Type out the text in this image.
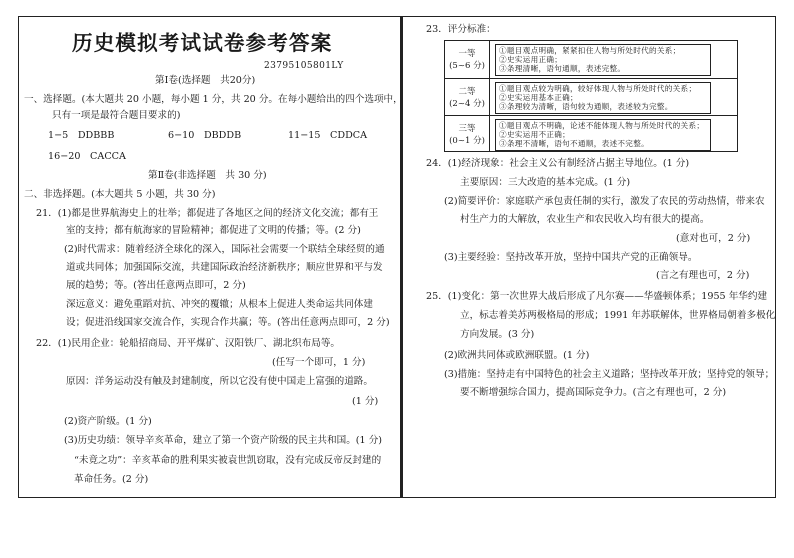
历史模拟考试试卷参考答案
23795105801LY
第Ⅰ卷(选择题　共20分)
一、选择题。(本大题共 20 小题，每小题 1 分，共 20 分。在每小题给出的四个选项中，
只有一项是最符合题目要求的)
1−5　DDBBB	6−10　DBDDB	11−15　CDDCA
16−20　CACCA
第Ⅱ卷(非选择题　共 30 分)
二、非选择题。(本大题共 5 小题，共 30 分)
21．(1)都是世界航海史上的壮举；都促进了各地区之间的经济文化交流；都有王
室的支持；都有航海家的冒险精神；都促进了文明的传播；等。(2 分)
(2)时代需求：随着经济全球化的深入，国际社会需要一个联结全球经贸的通
道或共同体；加强国际交流，共建国际政治经济新秩序；顺应世界和平与发
展的趋势；等。(答出任意两点即可，2 分)
深远意义：避免重蹈对抗、冲突的覆辙；从根本上促进人类命运共同体建
设；促进沿线国家交流合作，实现合作共赢；等。(答出任意两点即可，2 分)
22．(1)民用企业：轮船招商局、开平煤矿、汉阳铁厂、湖北织布局等。
(任写一个即可，1 分)
原因：洋务运动没有触及封建制度，所以它没有使中国走上富强的道路。
(1 分)
(2)资产阶级。(1 分)
(3)历史功绩：领导辛亥革命，建立了第一个资产阶级的民主共和国。(1 分)
“未竟之功”：辛亥革命的胜利果实被袁世凯窃取，没有完成反帝反封建的
革命任务。(2 分)
23．评分标准：
一等
(5~6 分)
①题目观点明确，紧紧扣住人物与所处时代的关系；
②史实运用正确；
③条理清晰，语句通顺，表述完整。
二等
(2~4 分)
①题目观点较为明确，较好体现人物与所处时代的关系；
②史实运用基本正确；
③条理较为清晰，语句较为通顺，表述较为完整。
三等
(0~1 分)
①题目观点不明确，论述不能体现人物与所处时代的关系；
②史实运用不正确；
③条理不清晰，语句不通顺，表述不完整。
24．(1)经济现象：社会主义公有制经济占据主导地位。(1 分)
主要原因：三大改造的基本完成。(1 分)
(2)简要评价：家庭联产承包责任制的实行，激发了农民的劳动热情，带来农
村生产力的大解放，农业生产和农民收入均有很大的提高。
(意对也可，2 分)
(3)主要经验：坚持改革开放，坚持中国共产党的正确领导。
(言之有理也可，2 分)
25．(1)变化：第一次世界大战后形成了凡尔赛——华盛顿体系；1955 年华约建
立，标志着美苏两极格局的形成；1991 年苏联解体，世界格局朝着多极化
方向发展。(3 分)
(2)欧洲共同体或欧洲联盟。(1 分)
(3)措施：坚持走有中国特色的社会主义道路；坚持改革开放；坚持党的领导；
要不断增强综合国力，提高国际竞争力。(言之有理也可，2 分)
